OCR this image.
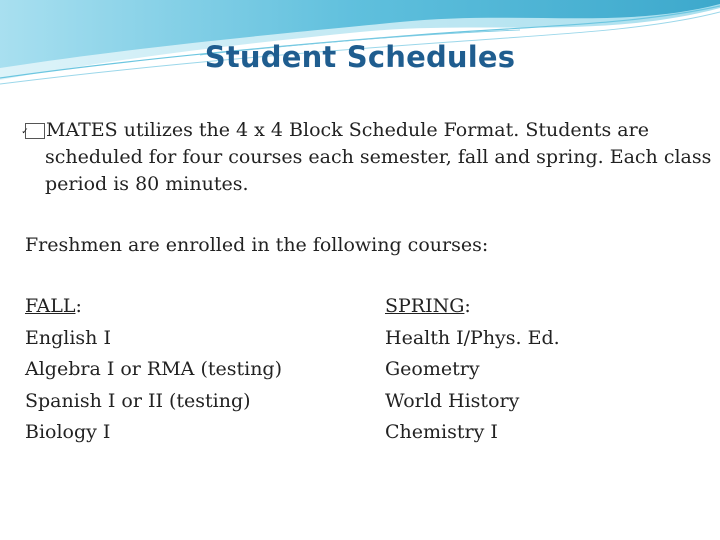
Student Schedules
✓ MATES utilizes the 4 x 4 Block Schedule Format. Students are scheduled for four courses each semester, fall and spring. Each class period is 80 minutes.
Freshmen are enrolled in the following courses:
FALL:
English I
Algebra I or RMA (testing)
Spanish I or II (testing)
Biology I
SPRING:
Health I/Phys. Ed.
Geometry
World History
Chemistry I
